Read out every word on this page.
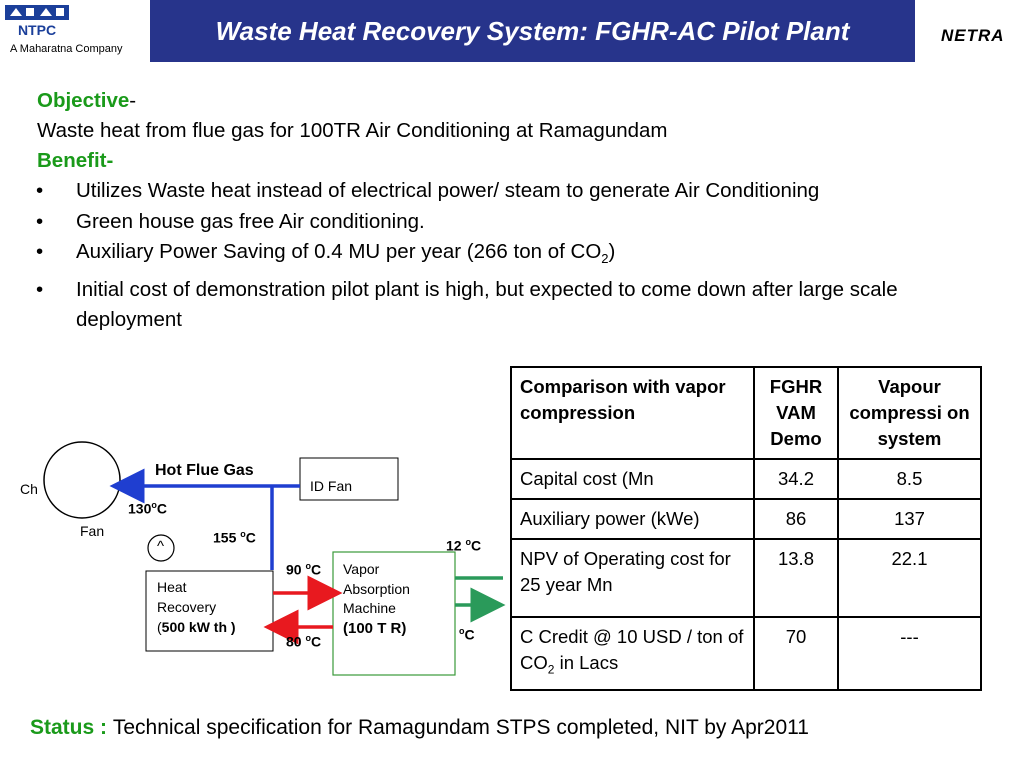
NTPC
A Maharatna Company
Waste Heat Recovery System: FGHR-AC Pilot Plant	NETRA
Objective-
Waste heat from flue gas for 100TR Air Conditioning at Ramagundam
Benefit-
• Utilizes Waste heat instead of electrical power/ steam to generate Air Conditioning
• Green house gas free Air conditioning.
• Auxiliary Power Saving of 0.4 MU per year (266 ton of $CO_2$)
• Initial cost of demonstration pilot plant is high, but expected to come down after large scale deployment
Ch
Fan
^
Hot Flue Gas
ID Fan
130$^o$C
155 $^o$C
90 $^o$C
80 $^o$C
12 $^o$C
$^o$C
Heat
Recovery
(500 kW th )
Vapor
Absorption
Machine
(100 T R)
Comparison with vapor compression	FGHR VAM Demo	Vapour compressi on system
Capital cost (Mn	34.2	8.5
Auxiliary power (kWe)	86	137
NPV of Operating cost for 25 year Mn	13.8	22.1
C Credit @ 10 USD / ton of $CO_2$ in Lacs	70	---
Status : Technical specification for Ramagundam STPS completed, NIT by Apr2011
